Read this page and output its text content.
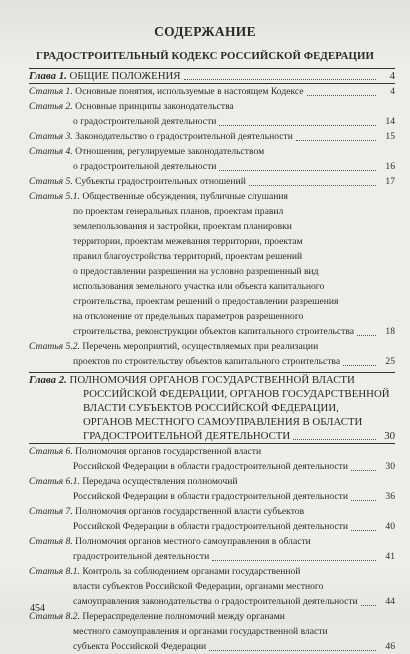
СОДЕРЖАНИЕ
ГРАДОСТРОИТЕЛЬНЫЙ КОДЕКС РОССИЙСКОЙ ФЕДЕРАЦИИ
Глава 1.
ОБЩИЕ ПОЛОЖЕНИЯ	4
Статья 1.
Основные понятия, используемые в настоящем Кодексе	4
Статья 2.
Основные принципы законодательства
о градостроительной деятельности	14
Статья 3.
Законодательство о градостроительной деятельности	15
Статья 4.
Отношения, регулируемые законодательством
о градостроительной деятельности	16
Статья 5.
Субъекты градостроительных отношений	17
Статья 5.1.
Общественные обсуждения, публичные слушания
по проектам генеральных планов, проектам правил
землепользования и застройки, проектам планировки
территории, проектам межевания территории, проектам
правил благоустройства территорий, проектам решений
о предоставлении разрешения на условно разрешенный вид
использования земельного участка или объекта капитального
строительства, проектам решений о предоставлении разрешения
на отклонение от предельных параметров разрешенного
строительства, реконструкции объектов капитального строительства	18
Статья 5.2.
Перечень мероприятий, осуществляемых при реализации
проектов по строительству объектов капитального строительства	25
Глава 2.
ПОЛНОМОЧИЯ ОРГАНОВ ГОСУДАРСТВЕННОЙ ВЛАСТИ
РОССИЙСКОЙ ФЕДЕРАЦИИ, ОРГАНОВ ГОСУДАРСТВЕННОЙ
ВЛАСТИ СУБЪЕКТОВ РОССИЙСКОЙ ФЕДЕРАЦИИ,
ОРГАНОВ МЕСТНОГО САМОУПРАВЛЕНИЯ В ОБЛАСТИ
ГРАДОСТРОИТЕЛЬНОЙ ДЕЯТЕЛЬНОСТИ	30
Статья 6.
Полномочия органов государственной власти
Российской Федерации в области градостроительной деятельности	30
Статья 6.1.
Передача осуществления полномочий
Российской Федерации в области градостроительной деятельности	36
Статья 7.
Полномочия органов государственной власти субъектов
Российской Федерации в области градостроительной деятельности	40
Статья 8.
Полномочия органов местного самоуправления в области
градостроительной деятельности	41
Статья 8.1.
Контроль за соблюдением органами государственной
власти субъектов Российской Федерации, органами местного
самоуправления законодательства о градостроительной деятельности	44
Статья 8.2.
Перераспределение полномочий между органами
местного самоуправления и органами государственной власти
субъекта Российской Федерации	46
454
